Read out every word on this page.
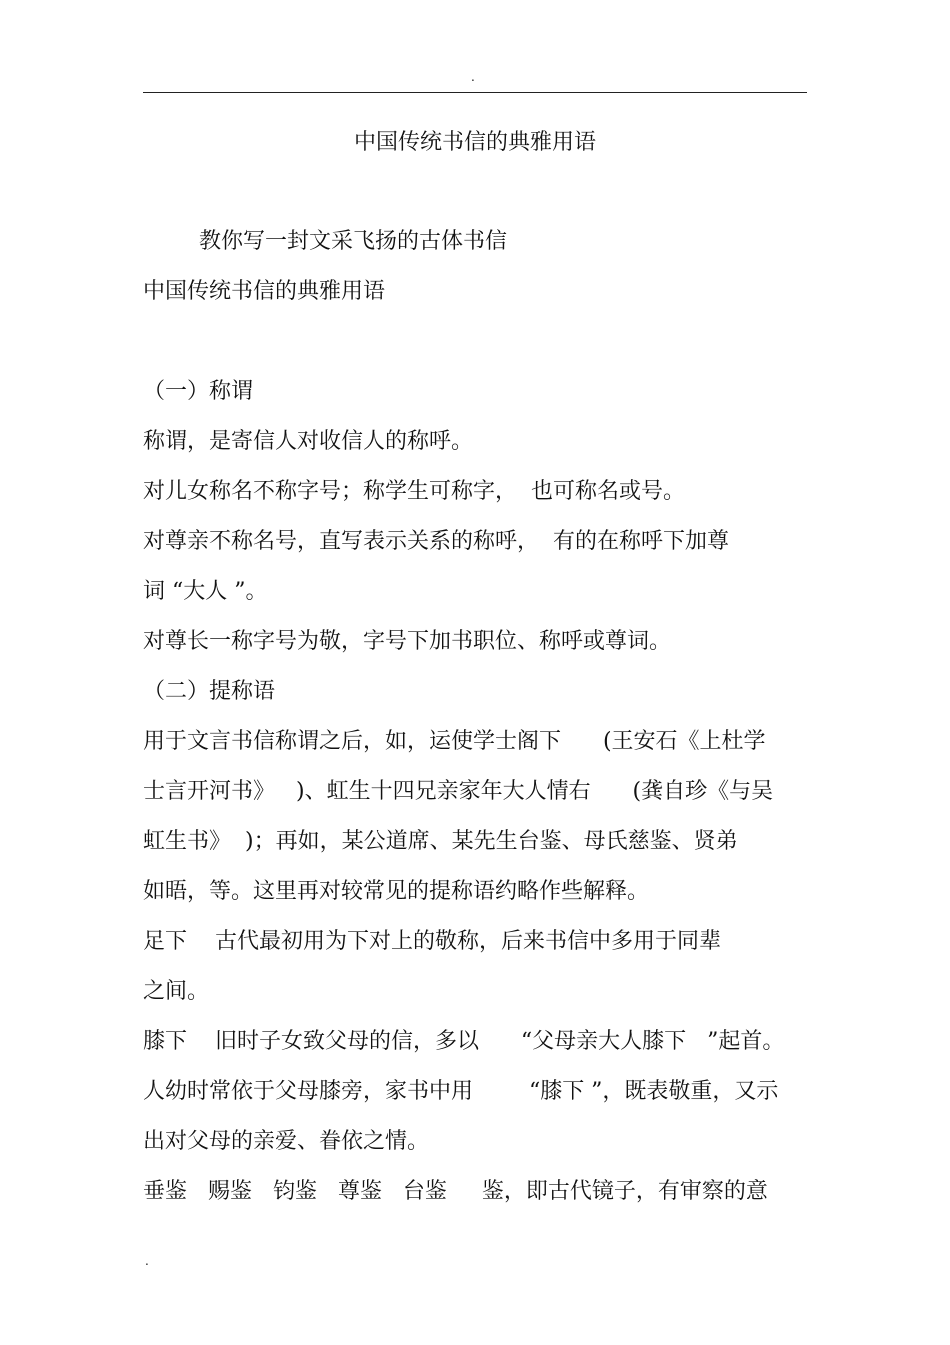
.
中国传统书信的典雅用语
教你写一封文采飞扬的古体书信
中国传统书信的典雅用语
（一）称谓
称谓，是寄信人对收信人的称呼。
对儿女称名不称字号；称学生可称字，  也可称名或号。
对尊亲不称名号，直写表示关系的称呼，  有的在称呼下加尊
词 “大人 ”。
对尊长一称字号为敬，字号下加书职位、称呼或尊词。
（二）提称语
用于文言书信称谓之后，如，运使学士阁下      (王安石《上杜学
士言开河书》   )、虹生十四兄亲家年大人情右      (龚自珍《与吴
虹生书》  )；再如，某公道席、某先生台鉴、母氏慈鉴、贤弟
如晤，等。这里再对较常见的提称语约略作些解释。
足下    古代最初用为下对上的敬称，后来书信中多用于同辈
之间。
膝下    旧时子女致父母的信，多以      “父母亲大人膝下   ”起首。
人幼时常依于父母膝旁，家书中用        “膝下 ”，既表敬重，又示
出对父母的亲爱、眷依之情。
垂鉴   赐鉴   钧鉴   尊鉴   台鉴     鉴，即古代镜子，有审察的意
.
